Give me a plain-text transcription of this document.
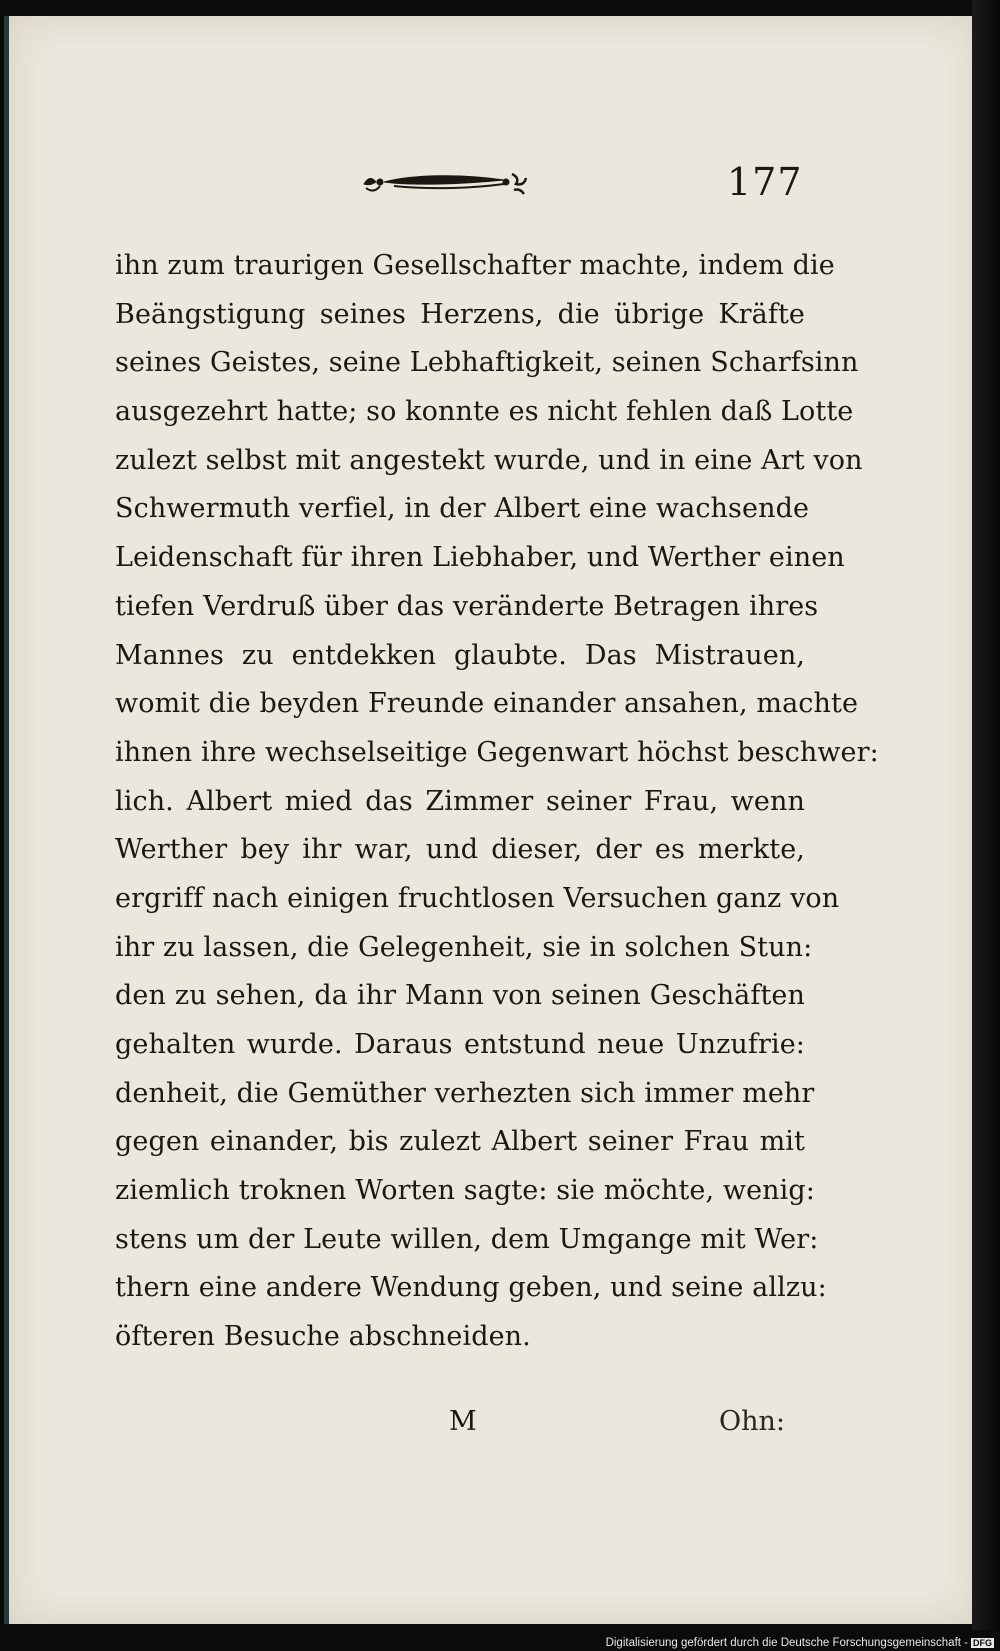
177
ihn zum traurigen Gesellschafter machte, indem die
Beängstigung seines Herzens, die übrige Kräfte
seines Geistes, seine Lebhaftigkeit, seinen Scharfsinn
ausgezehrt hatte; so konnte es nicht fehlen daß Lotte
zulezt selbst mit angestekt wurde, und in eine Art von
Schwermuth verfiel, in der Albert eine wachsende
Leidenschaft für ihren Liebhaber, und Werther einen
tiefen Verdruß über das veränderte Betragen ihres
Mannes zu entdekken glaubte. Das Mistrauen,
womit die beyden Freunde einander ansahen, machte
ihnen ihre wechselseitige Gegenwart höchst beschwer:
lich. Albert mied das Zimmer seiner Frau, wenn
Werther bey ihr war, und dieser, der es merkte,
ergriff nach einigen fruchtlosen Versuchen ganz von
ihr zu lassen, die Gelegenheit, sie in solchen Stun:
den zu sehen, da ihr Mann von seinen Geschäften
gehalten wurde. Daraus entstund neue Unzufrie:
denheit, die Gemüther verhezten sich immer mehr
gegen einander, bis zulezt Albert seiner Frau mit
ziemlich troknen Worten sagte: sie möchte, wenig:
stens um der Leute willen, dem Umgange mit Wer:
thern eine andere Wendung geben, und seine allzu:
öfteren Besuche abschneiden.
M	Ohn:
Digitalisierung gefördert durch die Deutsche Forschungsgemeinschaft - DFG
